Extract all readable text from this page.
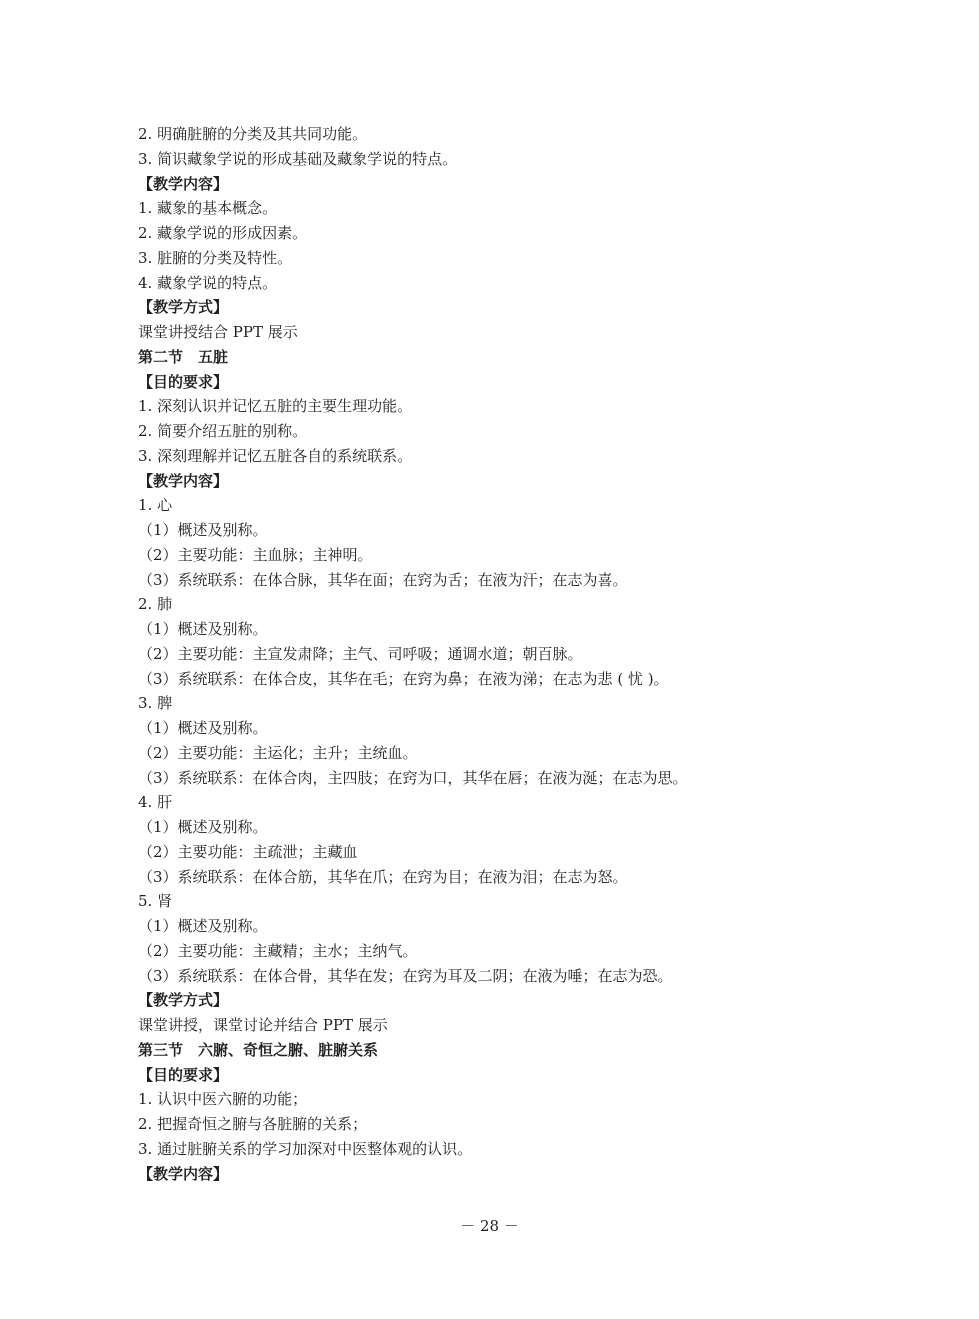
2. 明确脏腑的分类及其共同功能。
3. 简识藏象学说的形成基础及藏象学说的特点。
【教学内容】
1. 藏象的基本概念。
2. 藏象学说的形成因素。
3. 脏腑的分类及特性。
4. 藏象学说的特点。
【教学方式】
课堂讲授结合 PPT 展示
第二节　五脏
【目的要求】
1. 深刻认识并记忆五脏的主要生理功能。
2. 简要介绍五脏的别称。
3. 深刻理解并记忆五脏各自的系统联系。
【教学内容】
1. 心
（1）概述及别称。
（2）主要功能：主血脉；主神明。
（3）系统联系：在体合脉，其华在面；在窍为舌；在液为汗；在志为喜。
2. 肺
（1）概述及别称。
（2）主要功能：主宣发肃降；主气、司呼吸；通调水道；朝百脉。
（3）系统联系：在体合皮，其华在毛；在窍为鼻；在液为涕；在志为悲 ( 忧 )。
3. 脾
（1）概述及别称。
（2）主要功能：主运化；主升；主统血。
（3）系统联系：在体合肉，主四肢；在窍为口，其华在唇；在液为涎；在志为思。
4. 肝
（1）概述及别称。
（2）主要功能：主疏泄；主藏血
（3）系统联系：在体合筋，其华在爪；在窍为目；在液为泪；在志为怒。
5. 肾
（1）概述及别称。
（2）主要功能：主藏精；主水；主纳气。
（3）系统联系：在体合骨，其华在发；在窍为耳及二阴；在液为唾；在志为恐。
【教学方式】
课堂讲授，课堂讨论并结合 PPT 展示
第三节　六腑、奇恒之腑、脏腑关系
【目的要求】
1. 认识中医六腑的功能；
2. 把握奇恒之腑与各脏腑的关系；
3. 通过脏腑关系的学习加深对中医整体观的认识。
【教学内容】
－ 28 －
